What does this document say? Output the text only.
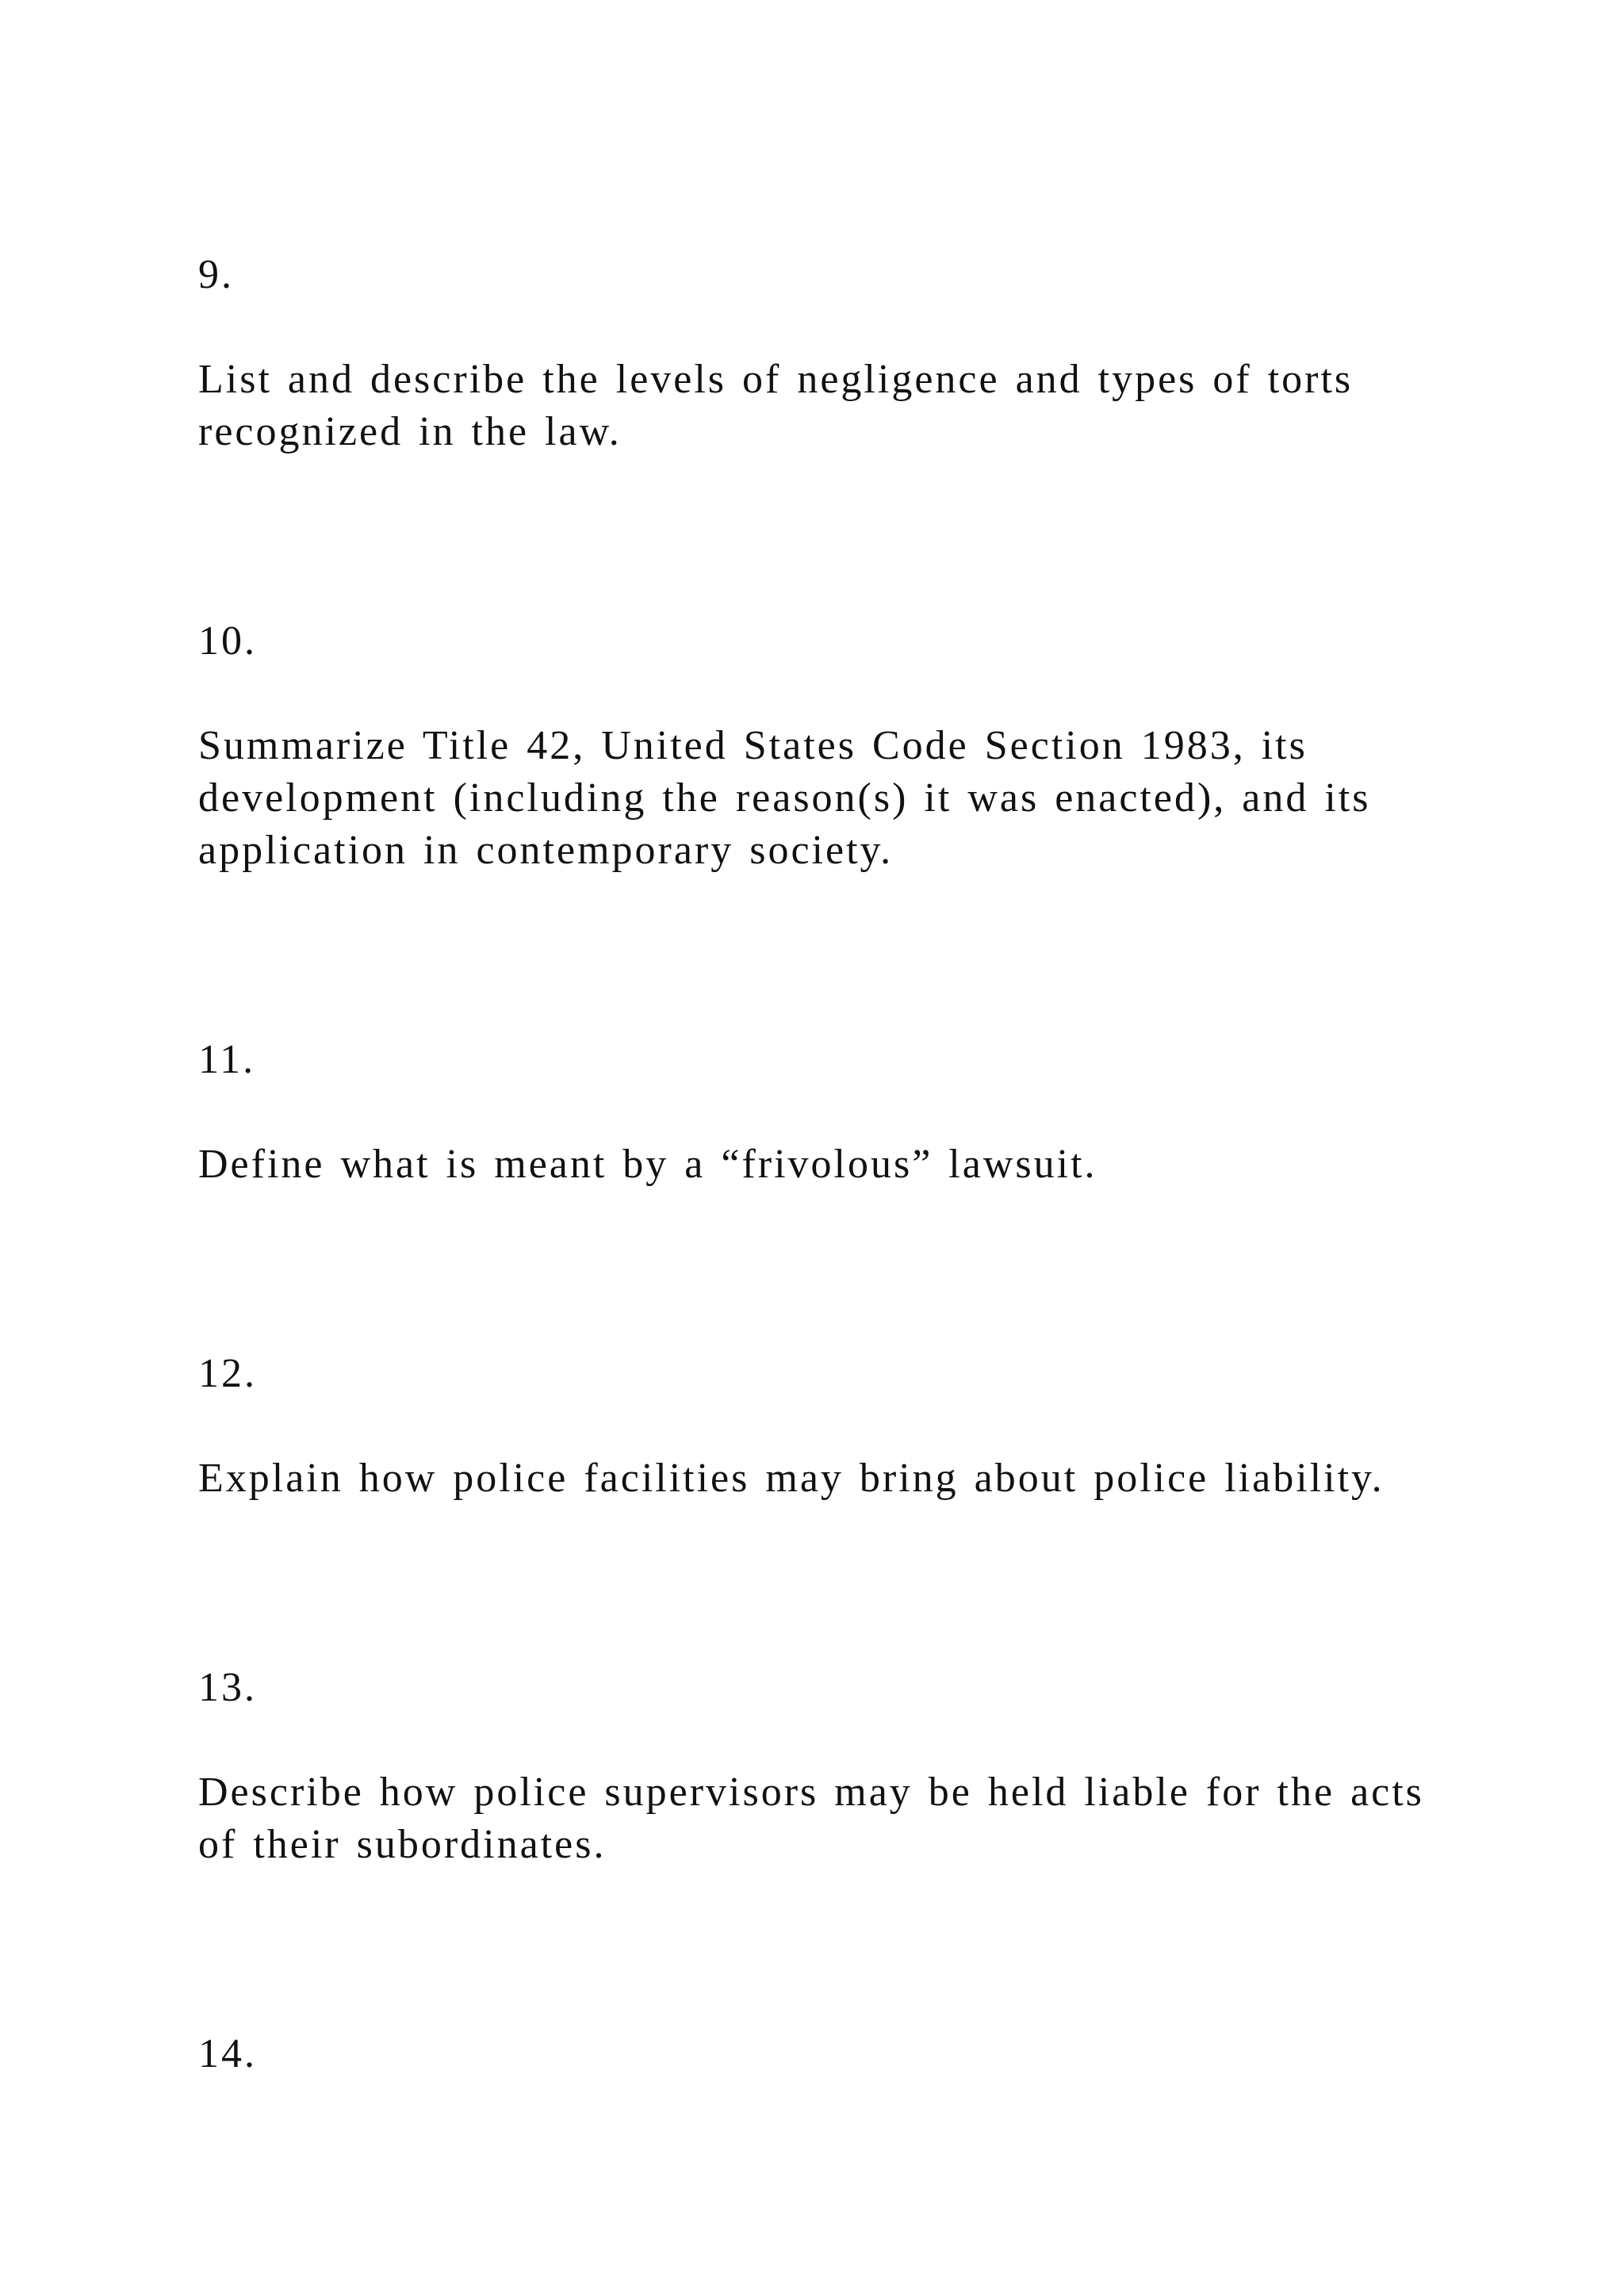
9.

List and describe the levels of negligence and types of torts

recognized in the law.

10.

Summarize Title 42, United States Code Section 1983, its

development (including the reason(s) it was enacted), and its

application in contemporary society.

11.

Define what is meant by a “frivolous” lawsuit.

12.

Explain how police facilities may bring about police liability.

13.

Describe how police supervisors may be held liable for the acts

of their subordinates.

14.
